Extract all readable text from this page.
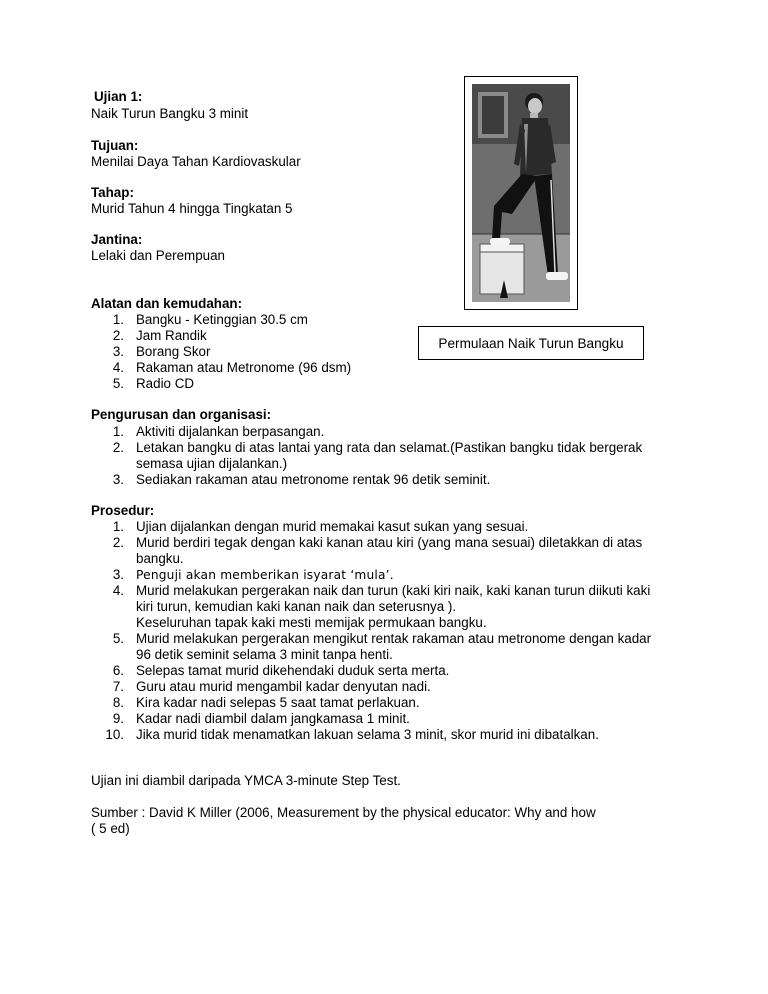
Ujian 1:
Naik Turun Bangku 3 minit
Tujuan:
Menilai Daya Tahan Kardiovaskular
Tahap:
Murid Tahun 4 hingga Tingkatan 5
Jantina:
Lelaki dan Perempuan
Permulaan Naik Turun Bangku
Alatan dan kemudahan:
1. Bangku - Ketinggian 30.5 cm
2. Jam Randik
3. Borang Skor
4. Rakaman atau Metronome (96 dsm)
5. Radio CD
Pengurusan dan organisasi:
1. Aktiviti dijalankan berpasangan.
2. Letakan bangku di atas lantai yang rata dan selamat.(Pastikan bangku tidak bergerak
semasa ujian dijalankan.)
3. Sediakan rakaman atau metronome rentak 96 detik seminit.
Prosedur:
1. Ujian dijalankan dengan murid memakai kasut sukan yang sesuai.
2. Murid berdiri tegak dengan kaki kanan atau kiri (yang mana sesuai) diletakkan di atas
bangku.
3. Penguji akan memberikan isyarat ‘mula’.
4. Murid melakukan pergerakan naik dan turun (kaki kiri naik, kaki kanan turun diikuti kaki
kiri turun, kemudian kaki kanan naik dan seterusnya ).
Keseluruhan tapak kaki mesti memijak permukaan bangku.
5. Murid melakukan pergerakan mengikut rentak rakaman atau metronome dengan kadar
96 detik seminit selama 3 minit tanpa henti.
6. Selepas tamat murid dikehendaki duduk serta merta.
7. Guru atau murid mengambil kadar denyutan nadi.
8. Kira kadar nadi selepas 5 saat tamat perlakuan.
9. Kadar nadi diambil dalam jangkamasa 1 minit.
10. Jika murid tidak menamatkan lakuan selama 3 minit, skor murid ini dibatalkan.
Ujian ini diambil daripada YMCA 3-minute Step Test.
Sumber : David K Miller (2006, Measurement by the physical educator: Why and how
( 5 ed)
